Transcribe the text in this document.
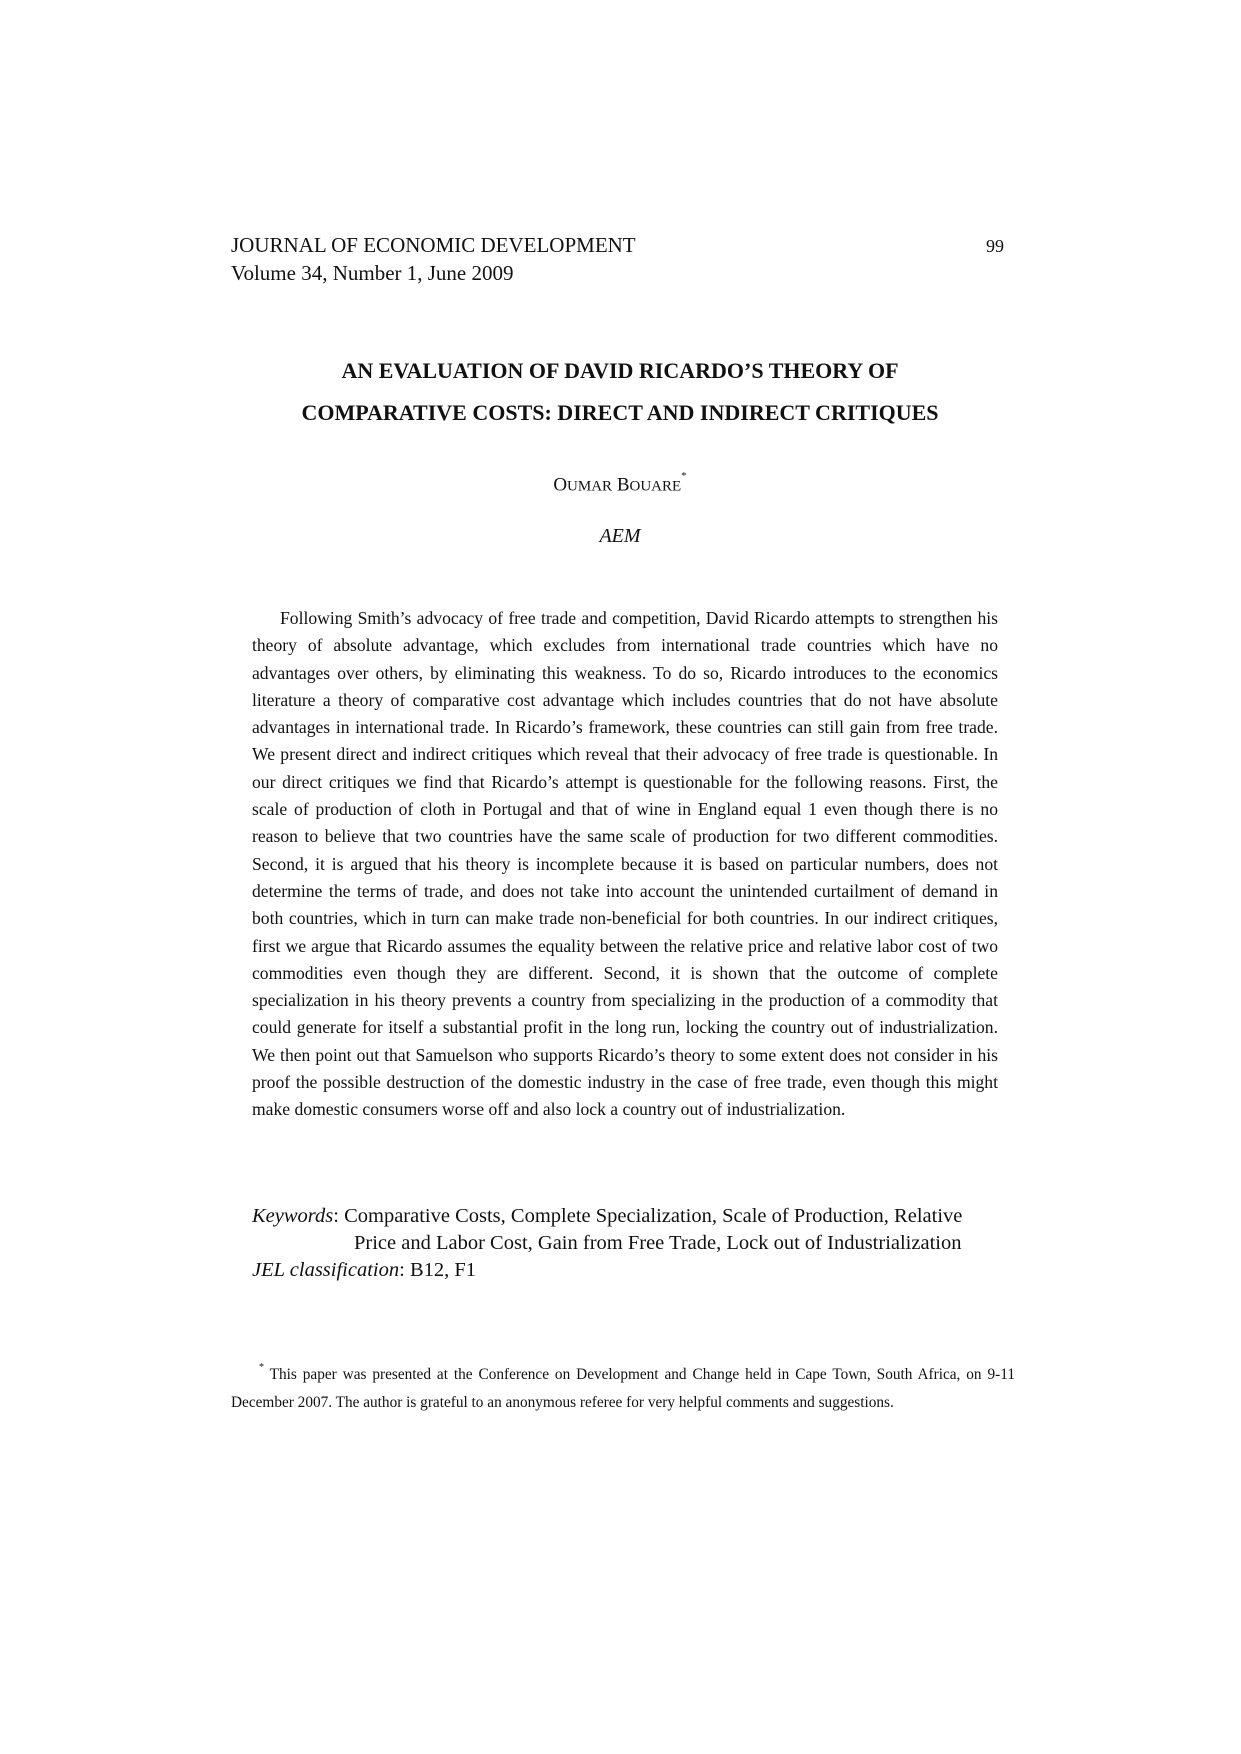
JOURNAL OF ECONOMIC DEVELOPMENT
Volume 34, Number 1, June 2009
99
AN EVALUATION OF DAVID RICARDO’S THEORY OF
COMPARATIVE COSTS: DIRECT AND INDIRECT CRITIQUES
OUMAR BOUARE*
AEM

Following Smith’s advocacy of free trade and competition, David Ricardo attempts to strengthen his theory of absolute advantage, which excludes from international trade countries which have no advantages over others, by eliminating this weakness. To do so, Ricardo introduces to the economics literature a theory of comparative cost advantage which includes countries that do not have absolute advantages in international trade. In Ricardo’s framework, these countries can still gain from free trade. We present direct and indirect critiques which reveal that their advocacy of free trade is questionable. In our direct critiques we find that Ricardo’s attempt is questionable for the following reasons. First, the scale of production of cloth in Portugal and that of wine in England equal 1 even though there is no reason to believe that two countries have the same scale of production for two different commodities. Second, it is argued that his theory is incomplete because it is based on particular numbers, does not determine the terms of trade, and does not take into account the unintended curtailment of demand in both countries, which in turn can make trade non-beneficial for both countries. In our indirect critiques, first we argue that Ricardo assumes the equality between the relative price and relative labor cost of two commodities even though they are different. Second, it is shown that the outcome of complete specialization in his theory prevents a country from specializing in the production of a commodity that could generate for itself a substantial profit in the long run, locking the country out of industrialization. We then point out that Samuelson who supports Ricardo’s theory to some extent does not consider in his proof the possible destruction of the domestic industry in the case of free trade, even though this might make domestic consumers worse off and also lock a country out of industrialization.

Keywords: Comparative Costs, Complete Specialization, Scale of Production, Relative
Price and Labor Cost, Gain from Free Trade, Lock out of Industrialization
JEL classification: B12, F1

* This paper was presented at the Conference on Development and Change held in Cape Town, South Africa, on 9-11 December 2007. The author is grateful to an anonymous referee for very helpful comments and suggestions.
